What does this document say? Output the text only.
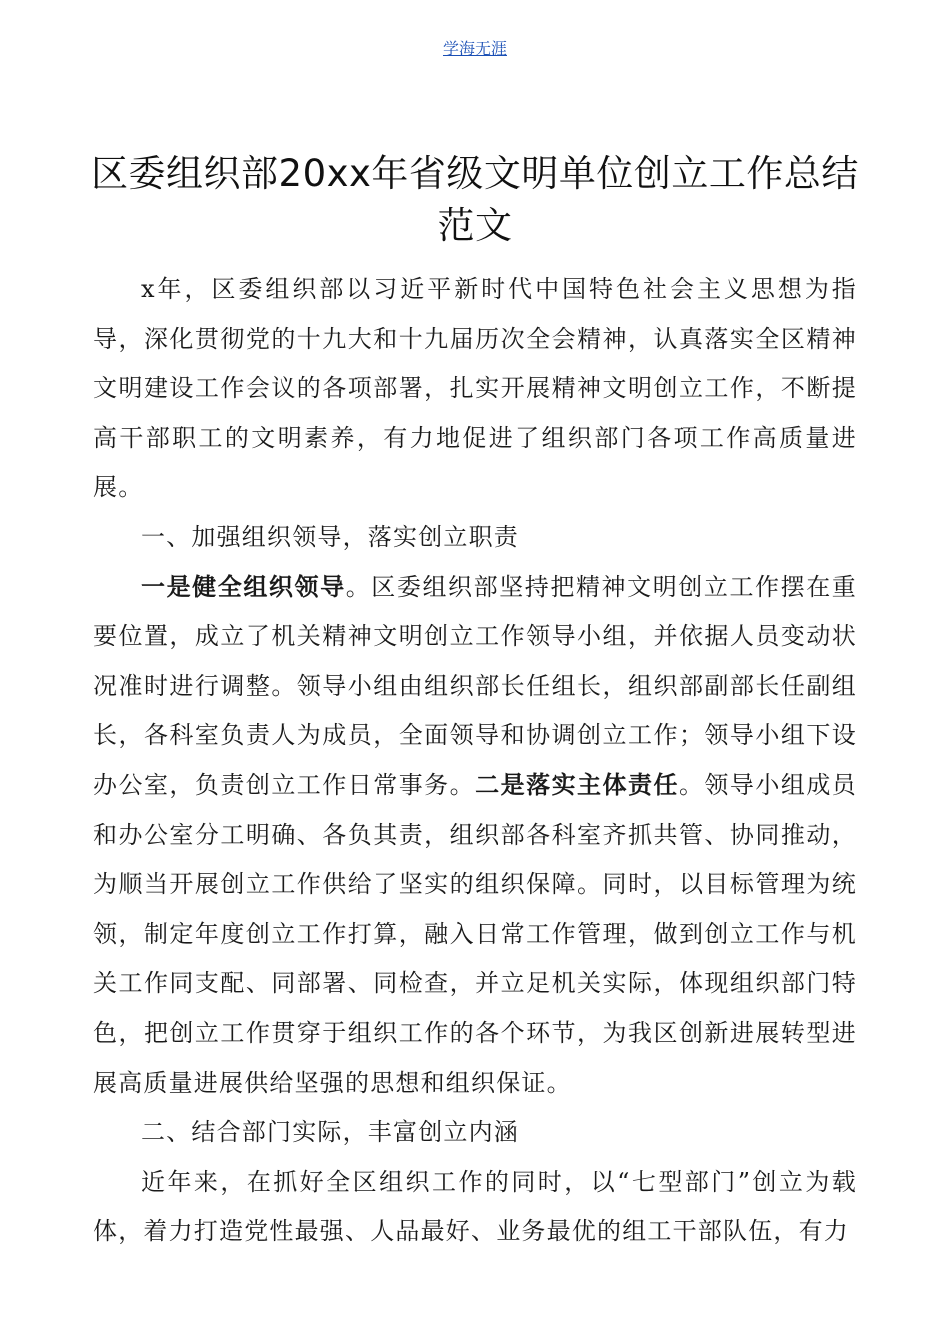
学海无涯
区委组织部20xx年省级文明单位创立工作总结范文

x年，区委组织部以习近平新时代中国特色社会主义思想为指导，深化贯彻党的十九大和十九届历次全会精神，认真落实全区精神文明建设工作会议的各项部署，扎实开展精神文明创立工作，不断提高干部职工的文明素养，有力地促进了组织部门各项工作高质量进展。

一、加强组织领导，落实创立职责

一是健全组织领导。区委组织部坚持把精神文明创立工作摆在重要位置，成立了机关精神文明创立工作领导小组，并依据人员变动状况准时进行调整。领导小组由组织部长任组长，组织部副部长任副组长，各科室负责人为成员，全面领导和协调创立工作；领导小组下设办公室，负责创立工作日常事务。二是落实主体责任。领导小组成员和办公室分工明确、各负其责，组织部各科室齐抓共管、协同推动，为顺当开展创立工作供给了坚实的组织保障。同时，以目标管理为统领，制定年度创立工作打算，融入日常工作管理，做到创立工作与机关工作同支配、同部署、同检查，并立足机关实际，体现组织部门特色，把创立工作贯穿于组织工作的各个环节，为我区创新进展转型进展高质量进展供给坚强的思想和组织保证。

二、结合部门实际，丰富创立内涵

近年来，在抓好全区组织工作的同时，以“七型部门”创立为载体，着力打造党性最强、人品最好、业务最优的组工干部队伍，有力
